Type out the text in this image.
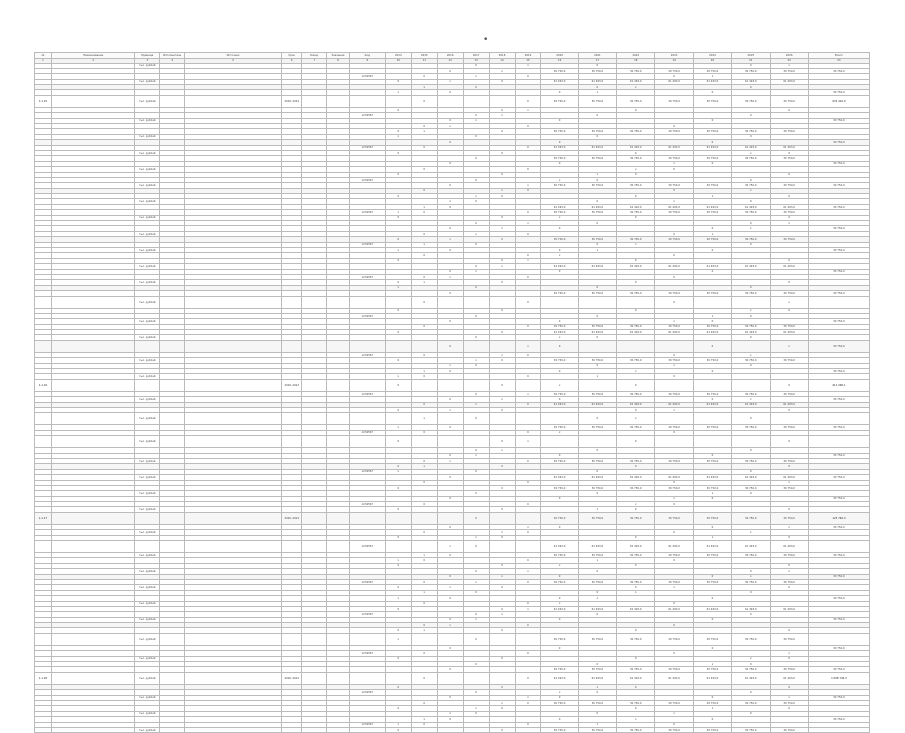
•
№	Наименование	Единица	Исполнитель	Источник	Срок	Ожид.	Значение	Код	2014	2015	2016	2017	2018	2019	2020	2021	2022	2023	2024	2025	2026	Всего
1	2	3	4	5	6	7	8	9	10	11	12	13	14	15	16	17	18	19	20	21	22	23
		тыс. рублей										0		х		0				0	х	
											0		х		30 750,0	30 750,0	30 750,0	30 750,0	30 750,0	30 750,0	30 750,0	30 750,0
								1234567		0		х		0				0	х			
		тыс. рублей							0		х		0		61 493,0	61 493,0	61 493,0	61 493,0	61 493,0	61 493,0	61 493,0	
										х		0				0	х			0		
									х		0				0	х			0			30 750,0
1.1.15		тыс. рублей			2020–2024					0				0	30 750,0	30 750,0	30 750,0	30 750,0	30 750,0	30 750,0	30 750,0	974 410,0
									0				0	х			0				0	
								1234567				0	х			0				0		
		тыс. рублей									0	х			0				0			30 750,0
										0	х			0				0				
									0	х			0		30 750,0	30 750,0	30 750,0	30 750,0	30 750,0	30 750,0	30 750,0	
		тыс. рублей							х			0				0				0		
											0				0				0			30 750,0
								1234567		0				0	61 493,0	61 493,0	61 493,0	61 493,0	61 493,0	61 493,0	61 493,0	
		тыс. рублей							0				0				0			х	0	
												0			30 750,0	30 750,0	30 750,0	30 750,0	30 750,0	30 750,0	30 750,0	
											0				0			х	0			30 750,0
		тыс. рублей								0				0			х	0				
									0				0			х	0				0	
								1234567				0			х	0				0		
		тыс. рублей									0			х	30 750,0	30 750,0	30 750,0	30 750,0	30 750,0	30 750,0	30 750,0	30 750,0
										0			х	0				0		х		
									0			х	0				0		х		0	
		тыс. рублей									х	0				0		х		0		
										х	0				61 493,0	61 493,0	61 493,0	61 493,0	61 493,0	61 493,0	61 493,0	30 750,0
								1234567	х	0				0	30 750,0	30 750,0	30 750,0	30 750,0	30 750,0	30 750,0	30 750,0	
		тыс. рублей							0				0		х		0				0	
												0		х		0				0	х	
											0		х		0				0	х		30 750,0
		тыс. рублей								0		х		0				0	х			
									0		х		0		30 750,0	30 750,0	30 750,0	30 750,0	30 750,0	30 750,0	30 750,0	
								1234567		х		0				0	х			0		
		тыс. рублей							х		0				0	х			0			30 750,0
										0				0	х			0				
									0				0	х			0				0	
		тыс. рублей										0	х		61 493,0	61 493,0	61 493,0	61 493,0	61 493,0	61 493,0	61 493,0	
											0	х			0				0			30 750,0
								1234567		0	х			0				0				
		тыс. рублей							0	х			0				0				0	
									х			0				0				0		
											0				30 750,0	30 750,0	30 750,0	30 750,0	30 750,0	30 750,0	30 750,0	30 750,0
		тыс. рублей								0				0				0			х	
									0				0				0			х	0	
								1234567				0				0			х	0		
		тыс. рублей									0				0			х	0			30 750,0
										0				0	30 750,0	30 750,0	30 750,0	30 750,0	30 750,0	30 750,0	30 750,0	
									0				0		61 493,0	61 493,0	61 493,0	61 493,0	61 493,0	61 493,0	61 493,0	
		тыс. рублей										0			х	0				0		
											0			х	0				0		х	30 750,0
								1234567		0			х	0				0		х		
		тыс. рублей							0			х	0		30 750,0	30 750,0	30 750,0	30 750,0	30 750,0	30 750,0	30 750,0	
											х	0				0		х		0		
										х	0				0		х		0			30 750,0
		тыс. рублей							х	0				0		х		0				
1.1.16					2020–2024				0				0		х		0				0	411 290,1
								1234567				0		х	30 750,0	30 750,0	30 750,0	30 750,0	30 750,0	30 750,0	30 750,0	
		тыс. рублей									0		х		0				0	х		30 750,0
										0		х		0	61 493,0	61 493,0	61 493,0	61 493,0	61 493,0	61 493,0	61 493,0	
									0		х		0				0	х			0	
		тыс. рублей								х		0				0	х			0		
									х		0				30 750,0	30 750,0	30 750,0	30 750,0	30 750,0	30 750,0	30 750,0	30 750,0
								1234567		0				0	х			0				
		тыс. рублей							0				0	х			0				0	
												0	х			0				0		
											0	х			0				0			30 750,0
		тыс. рублей								0	х			0	30 750,0	30 750,0	30 750,0	30 750,0	30 750,0	30 750,0	30 750,0	
									0	х			0				0				0	
								1234567	х			0				0				0		
		тыс. рублей									0				61 493,0	61 493,0	61 493,0	61 493,0	61 493,0	61 493,0	61 493,0	30 750,0
										0				0				0			х	
									0				0		30 750,0	30 750,0	30 750,0	30 750,0	30 750,0	30 750,0	30 750,0	
		тыс. рублей										0				0			х	0		
											0				0			х	0			30 750,0
								1234567		0				0			х	0				
		тыс. рублей							0				0			х	0				0	
1.1.17					2020–2024							0			30 750,0	30 750,0	30 750,0	30 750,0	30 750,0	30 750,0	30 750,0	123 740,3
											0			х	0				0		х	30 750,0
		тыс. рублей								0			х	0				0		х		
									0			х	0				0		х		0	
								1234567			х	0			61 493,0	61 493,0	61 493,0	61 493,0	61 493,0	61 493,0	61 493,0	
		тыс. рублей								х	0				30 750,0	30 750,0	30 750,0	30 750,0	30 750,0	30 750,0	30 750,0	30 750,0
									х	0				0		х		0				
									0				0		х		0				0	
		тыс. рублей										0		х		0				0	х	
											0		х		0				0	х		30 750,0
								1234567		0		х		0	30 750,0	30 750,0	30 750,0	30 750,0	30 750,0	30 750,0	30 750,0	
		тыс. рублей							0		х		0				0	х			0	
										х		0				0	х			0		
									х		0				0	х			0			30 750,0
		тыс. рублей								0				0	х			0				
									0				0	х	61 493,0	61 493,0	61 493,0	61 493,0	61 493,0	61 493,0	61 493,0	
								1234567				0	х			0				0		
		тыс. рублей									0	х			0				0			30 750,0
										0	х			0				0				
									0	х			0				0				0	
		тыс. рублей							х			0			30 750,0	30 750,0	30 750,0	30 750,0	30 750,0	30 750,0	30 750,0	
											0				0				0			30 750,0
								1234567		0				0				0			х	
		тыс. рублей							0				0				0			х	0	
												0				0			х	0		
											0				30 750,0	30 750,0	30 750,0	30 750,0	30 750,0	30 750,0	30 750,0	30 750,0
1.1.18		тыс. рублей			2020–2024					0				0	61 493,0	61 493,0	61 493,0	61 493,0	61 493,0	61 493,0	61 493,0	1 098 745,3
									0				0			х	0				0	
								1234567				0			х	0				0		
		тыс. рублей									0			х	0				0		х	30 750,0
										0			х	0	30 750,0	30 750,0	30 750,0	30 750,0	30 750,0	30 750,0	30 750,0	
									0			х	0				0		х		0	
		тыс. рублей									х	0				0		х		0		
										х	0				0		х		0			30 750,0
								1234567	х	0				0		х		0				
		тыс. рублей							0				0		30 750,0	30 750,0	30 750,0	30 750,0	30 750,0	30 750,0	30 750,0	
